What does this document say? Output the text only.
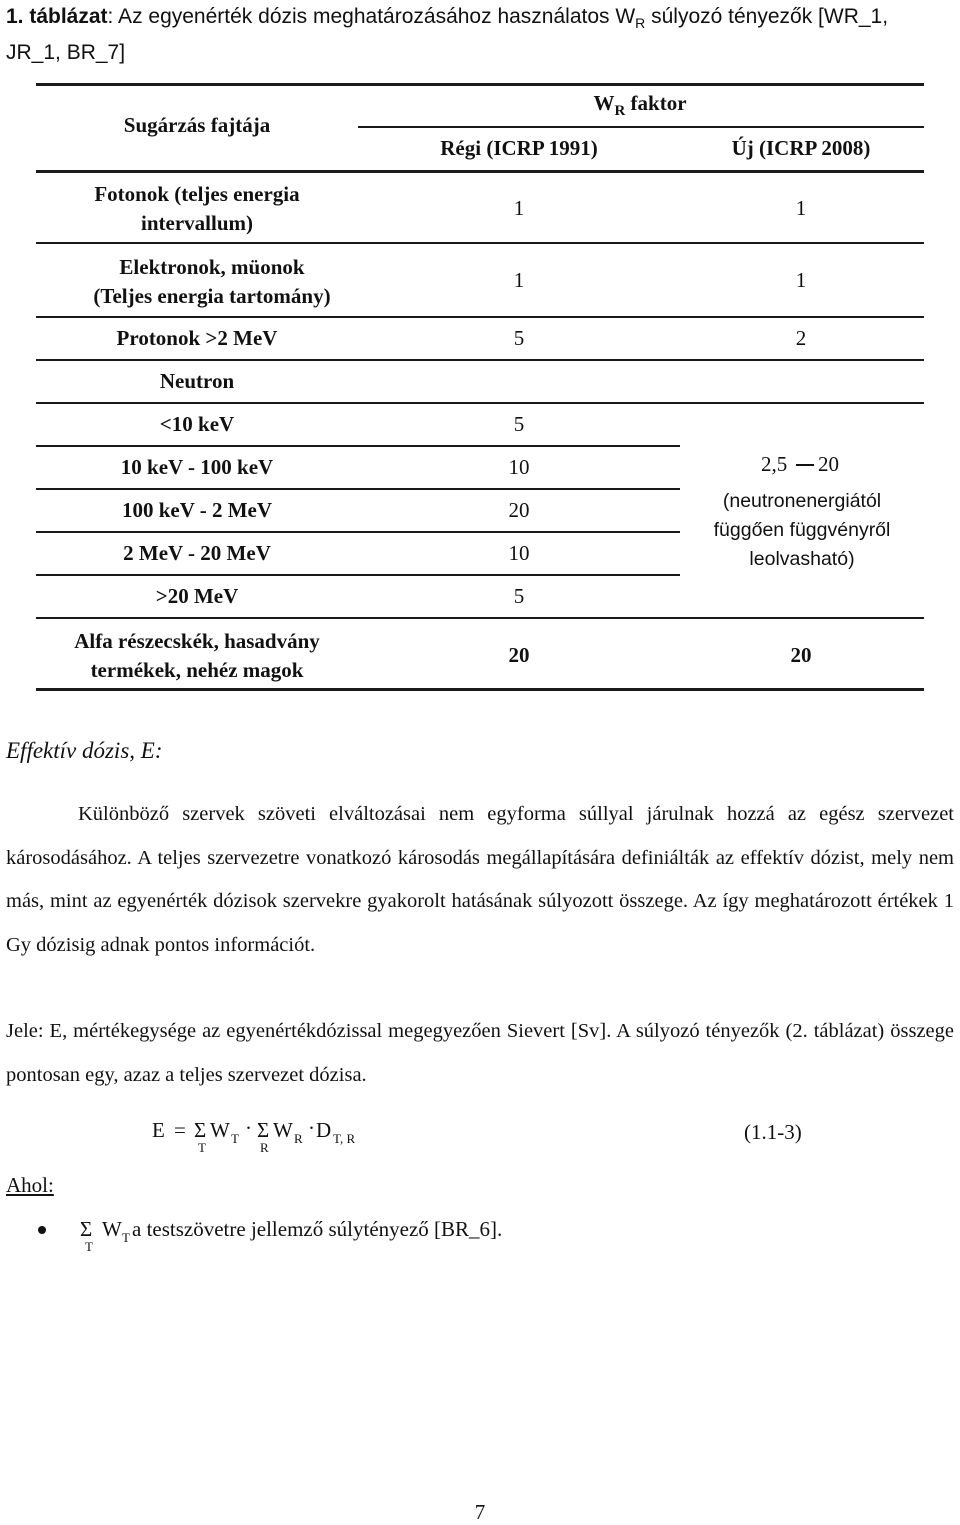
1. táblázat: Az egyenérték dózis meghatározásához használatos $W_R$ súlyozó tényezők [WR_1, JR_1, BR_7]
Sugárzás fajtája
$W_R$ faktor
Régi (ICRP 1991)	Új (ICRP 2008)
Fotonok (teljes energia
intervallum)
1	1
Elektronok, müonok
(Teljes energia tartomány)
1	1
Protonok >2 MeV	5	2
Neutron
<10 keV	5
10 keV - 100 keV	10
100 keV - 2 MeV	20
2 MeV - 20 MeV	10
>20 MeV	5
2,5 20
(neutronenergiától
függően függvényről
leolvasható)
Alfa részecskék, hasadvány
termékek, nehéz magok
20	20
Effektív dózis, E:
Különböző szervek szöveti elváltozásai nem egyforma súllyal járulnak hozzá az egész szervezet károsodásához. A teljes szervezetre vonatkozó károsodás megállapítására definiálták az effektív dózist, mely nem más, mint az egyenérték dózisok szervekre gyakorolt hatásának súlyozott összege. Az így meghatározott értékek 1 Gy dózisig adnak pontos információt.
Jele: E, mértékegysége az egyenértékdózissal megegyezően Sievert [Sv]. A súlyozó tényezők (2. táblázat) összege pontosan egy, azaz a teljes szervezet dózisa.
E = Σ W T
T
· Σ W R
R
· D T, R	(1.1-3)
Ahol:
Σ W T
T
a testszövetre jellemző súlytényező [BR_6].
7
